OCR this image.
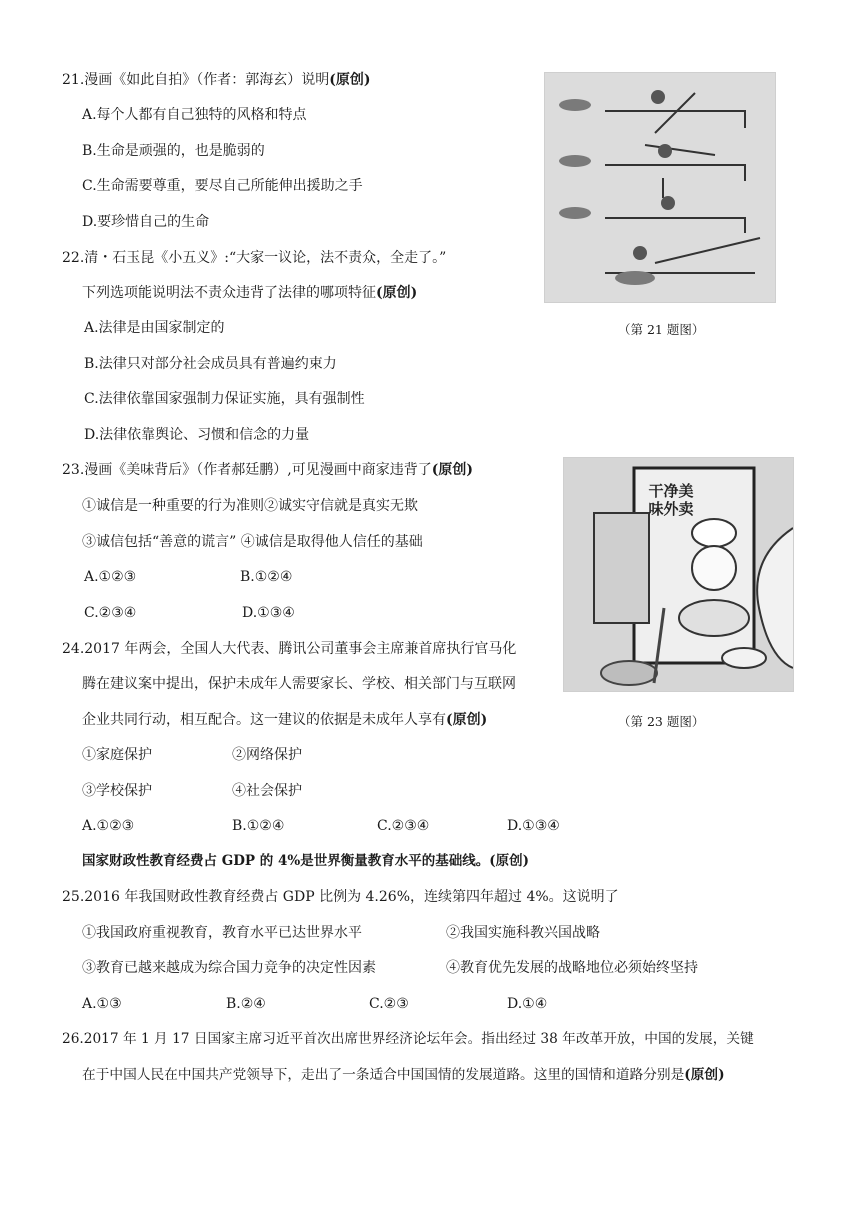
21.漫画《如此自拍》（作者：郭海玄）说明(原创)
A.每个人都有自己独特的风格和特点
B.生命是顽强的，也是脆弱的
C.生命需要尊重，要尽自己所能伸出援助之手
D.要珍惜自己的生命
（第 21 题图）
22.清・石玉昆《小五义》:“大家一议论，法不责众，全走了。”
下列选项能说明法不责众违背了法律的哪项特征(原创)
A.法律是由国家制定的
B.法律只对部分社会成员具有普遍约束力
C.法律依靠国家强制力保证实施，具有强制性
D.法律依靠舆论、习惯和信念的力量
23.漫画《美味背后》（作者郝廷鹏）,可见漫画中商家违背了(原创)
①诚信是一种重要的行为准则②诚实守信就是真实无欺
③诚信包括“善意的谎言” ④诚信是取得他人信任的基础
A.①②③	B.①②④
C.②③④	D.①③④
干净美味外卖
24.2017 年两会，全国人大代表、腾讯公司董事会主席兼首席执行官马化
腾在建议案中提出，保护未成年人需要家长、学校、相关部门与互联网
企业共同行动，相互配合。这一建议的依据是未成年人享有(原创)	（第 23 题图）
①家庭保护	②网络保护
③学校保护	④社会保护
A.①②③	B.①②④	C.②③④	D.①③④
国家财政性教育经费占 GDP 的 4%是世界衡量教育水平的基础线。(原创)
25.2016 年我国财政性教育经费占 GDP 比例为 4.26%，连续第四年超过 4%。这说明了
①我国政府重视教育，教育水平已达世界水平	②我国实施科教兴国战略
③教育已越来越成为综合国力竞争的决定性因素	④教育优先发展的战略地位必须始终坚持
A.①③	B.②④	C.②③	D.①④
26.2017 年 1 月 17 日国家主席习近平首次出席世界经济论坛年会。指出经过 38 年改革开放，中国的发展，关键
在于中国人民在中国共产党领导下，走出了一条适合中国国情的发展道路。这里的国情和道路分别是(原创)
